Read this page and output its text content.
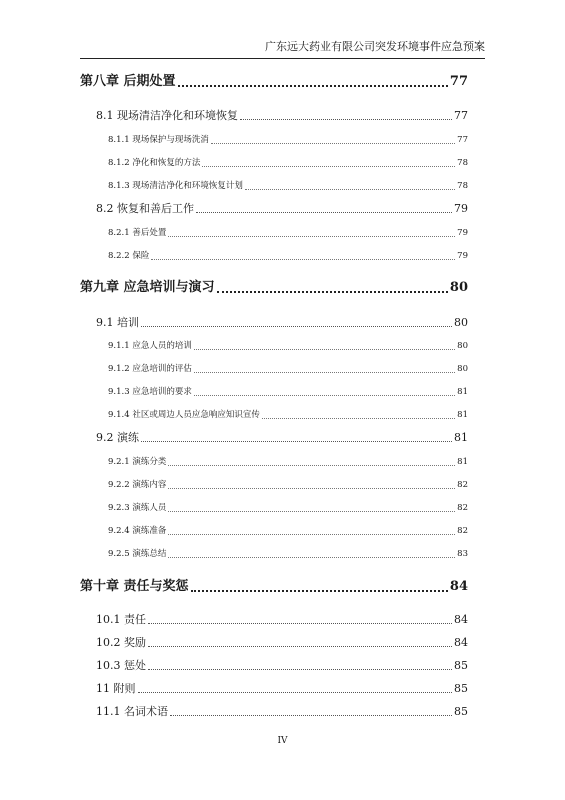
广东远大药业有限公司突发环境事件应急预案
第八章 后期处置	77
8.1 现场清洁净化和环境恢复	77
8.1.1 现场保护与现场洗消	77
8.1.2 净化和恢复的方法	78
8.1.3 现场清洁净化和环境恢复计划	78
8.2 恢复和善后工作	79
8.2.1 善后处置	79
8.2.2 保险	79
第九章 应急培训与演习	80
9.1 培训	80
9.1.1 应急人员的培训	80
9.1.2 应急培训的评估	80
9.1.3 应急培训的要求	81
9.1.4 社区或周边人员应急响应知识宣传	81
9.2 演练	81
9.2.1 演练分类	81
9.2.2 演练内容	82
9.2.3 演练人员	82
9.2.4 演练准备	82
9.2.5 演练总结	83
第十章 责任与奖惩	84
10.1 责任	84
10.2 奖励	84
10.3 惩处	85
11 附则	85
11.1 名词术语	85
IV
